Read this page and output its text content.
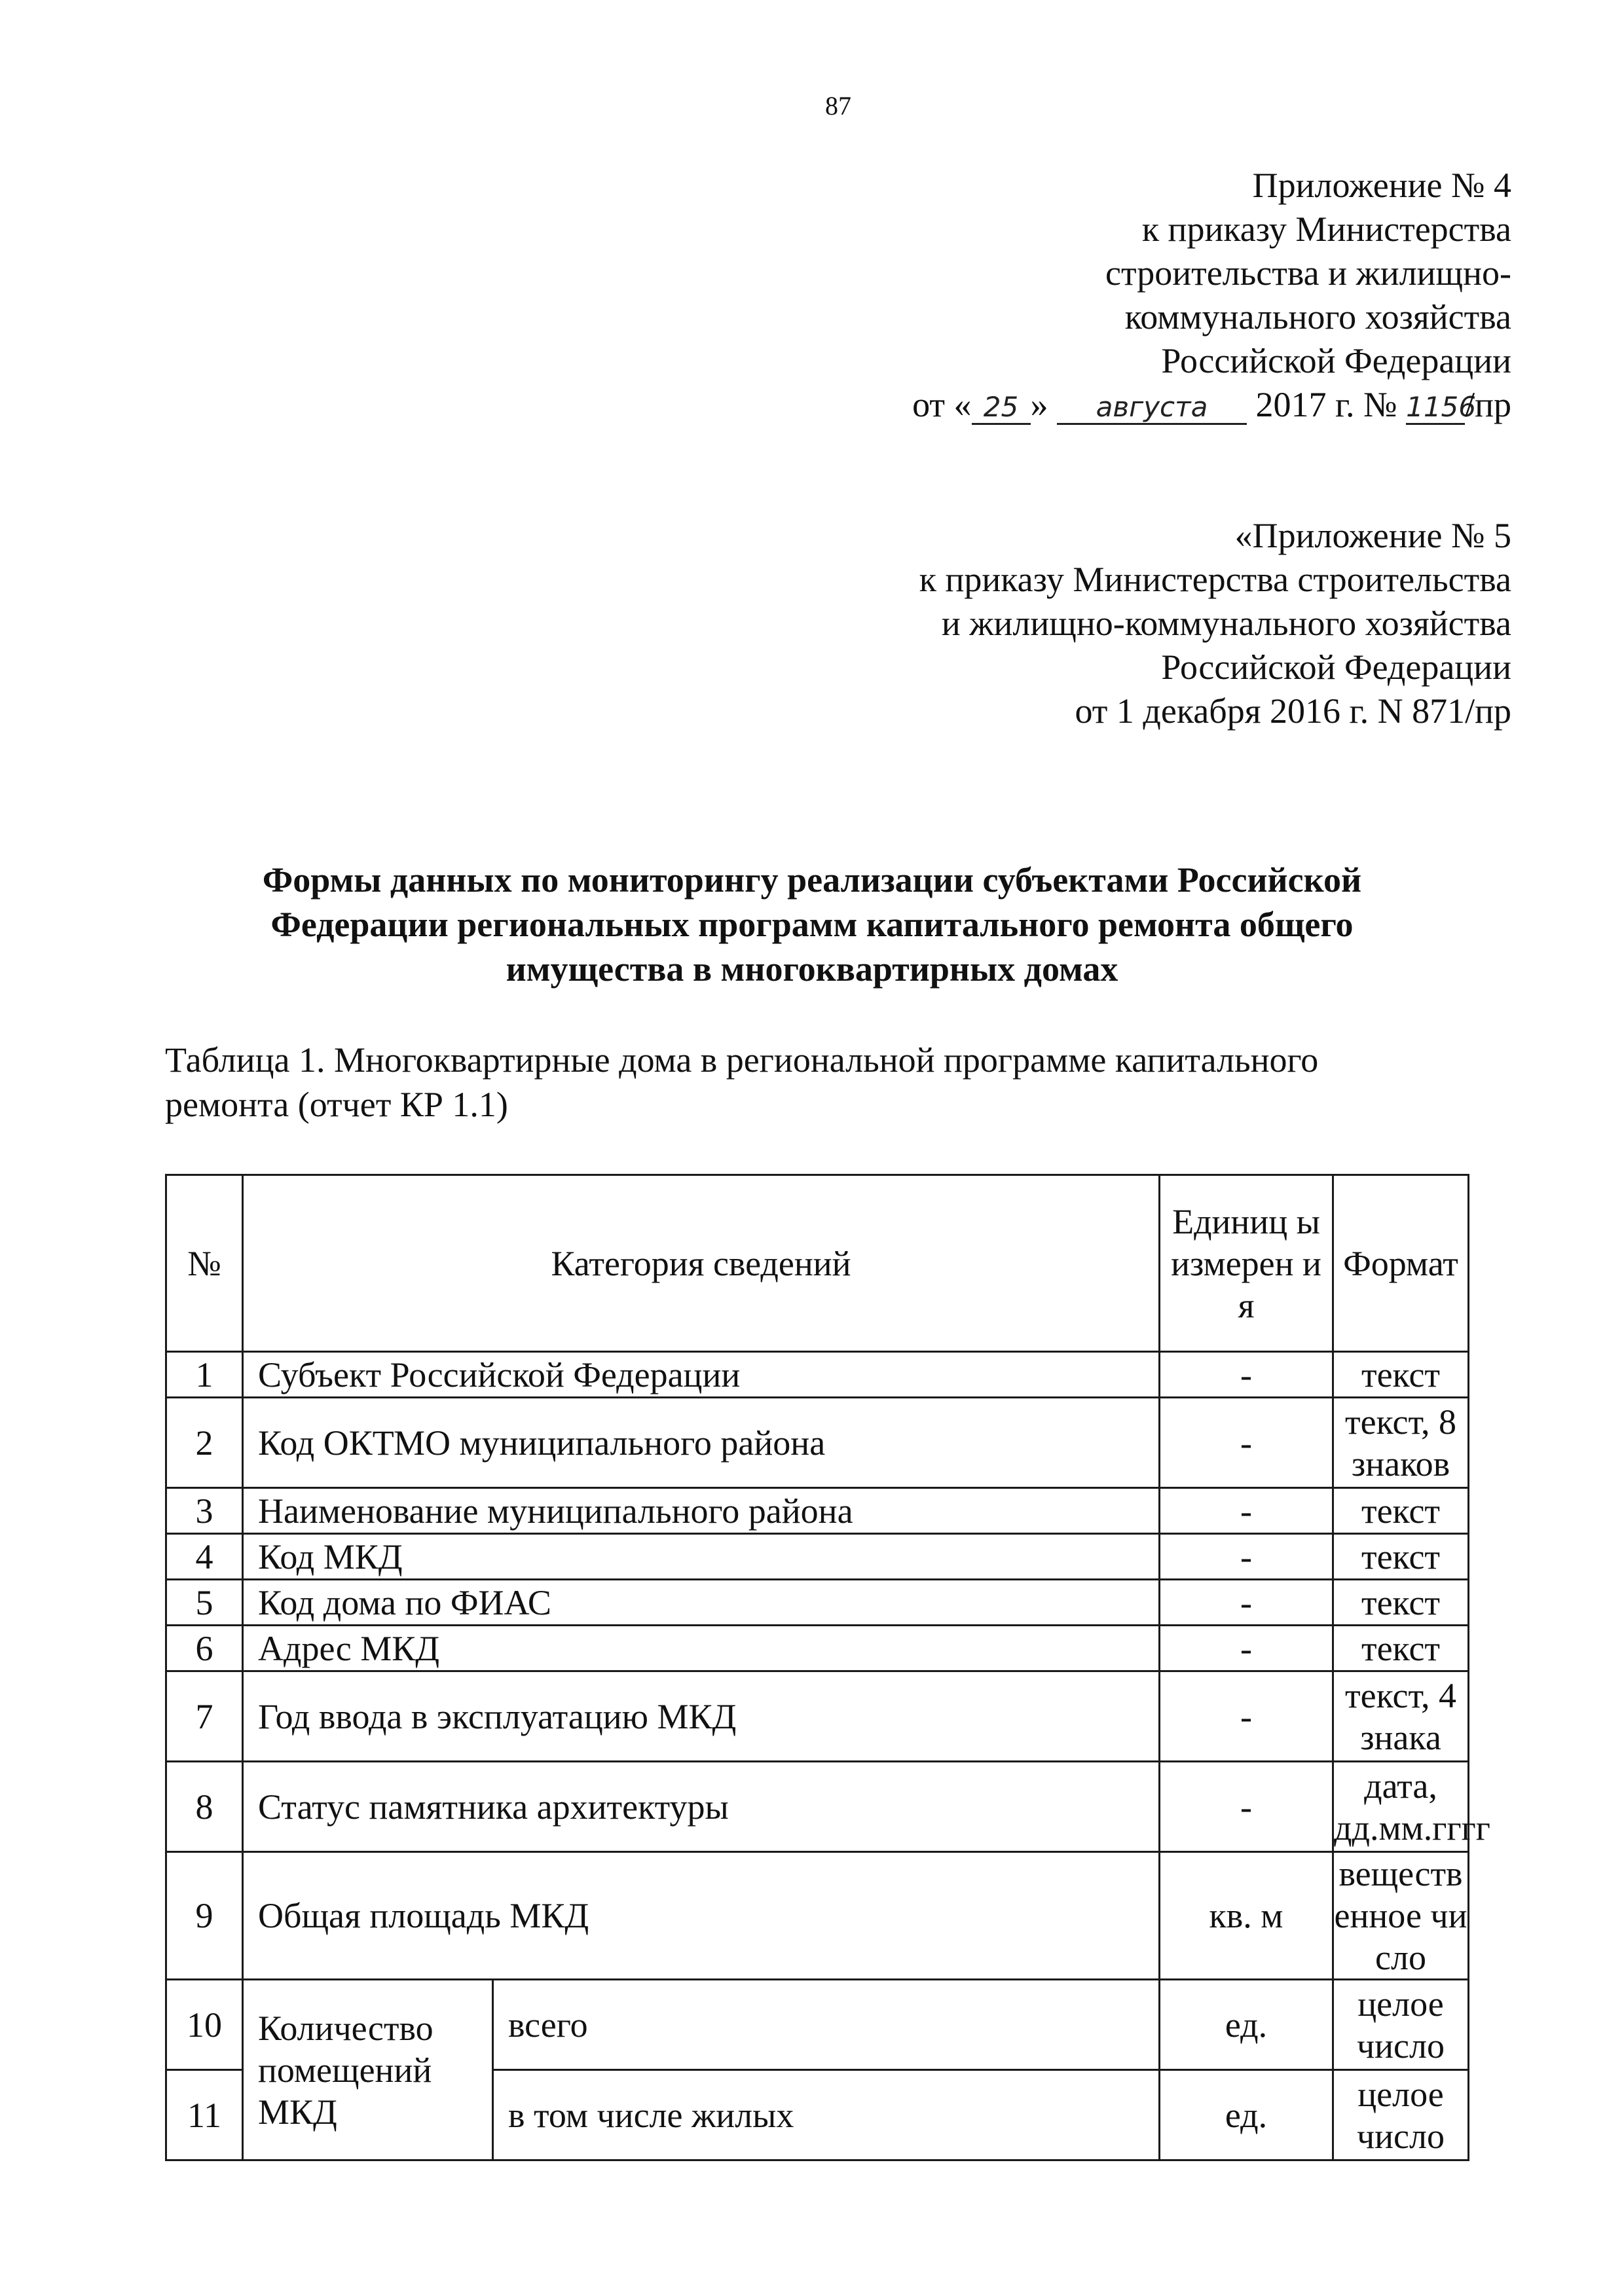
87
Приложение № 4
к приказу Министерства
строительства и жилищно-
коммунального хозяйства
Российской Федерации
от « 25 » августа 2017 г. № 1156/пр
«Приложение № 5
к приказу Министерства строительства
и жилищно-коммунального хозяйства
Российской Федерации
от 1 декабря 2016 г. N 871/пр
Формы данных по мониторингу реализации субъектами Российской
Федерации региональных программ капитального ремонта общего
имущества в многоквартирных домах
Таблица 1. Многоквартирные дома в региональной программе капитального
ремонта (отчет КР 1.1)
№	Категория сведений		Единиц ы измерен ия	Формат
1	Субъект Российской Федерации		-	текст
2	Код ОКТМО муниципального района		-	текст, 8 знаков
3	Наименование муниципального района		-	текст
4	Код МКД		-	текст
5	Код дома по ФИАС		-	текст
6	Адрес МКД		-	текст
7	Год ввода в эксплуатацию МКД		-	текст, 4 знака
8	Статус памятника архитектуры		-	дата, дд.мм.гггг
9	Общая площадь МКД		кв. м	вещественное число
10	Количество помещений МКД	всего	ед.	целое число
11		в том числе жилых	ед.	целое число
